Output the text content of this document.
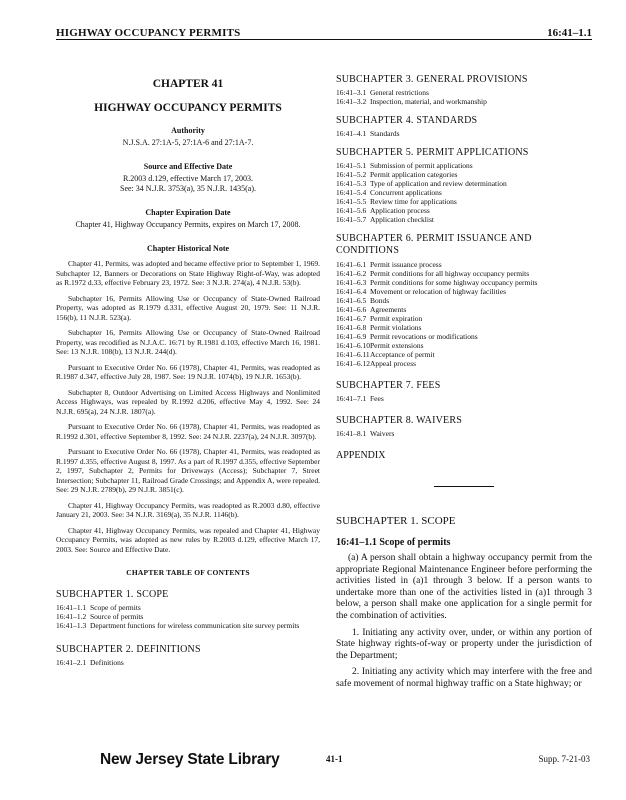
HIGHWAY OCCUPANCY PERMITS	16:41–1.1
CHAPTER 41
HIGHWAY OCCUPANCY PERMITS
Authority
N.J.S.A. 27:1A-5, 27:1A-6 and 27:1A-7.
Source and Effective Date
R.2003 d.129, effective March 17, 2003.
See: 34 N.J.R. 3753(a), 35 N.J.R. 1435(a).
Chapter Expiration Date
Chapter 41, Highway Occupancy Permits, expires on March 17, 2008.
Chapter Historical Note

Chapter 41, Permits, was adopted and became effective prior to September 1, 1969. Subchapter 12, Banners or Decorations on State Highway Right-of-Way, was adopted as R.1972 d.33, effective February 23, 1972. See: 3 N.J.R. 274(a), 4 N.J.R. 53(b).

Subchapter 16, Permits Allowing Use or Occupancy of State-Owned Railroad Property, was adopted as R.1979 d.331, effective August 20, 1979. See: 11 N.J.R. 156(b), 11 N.J.R. 523(a).

Subchapter 16, Permits Allowing Use or Occupancy of State-Owned Railroad Property, was recodified as N.J.A.C. 16:71 by R.1981 d.103, effective March 16, 1981. See: 13 N.J.R. 108(b), 13 N.J.R. 244(d).

Pursuant to Executive Order No. 66 (1978), Chapter 41, Permits, was readopted as R.1987 d.347, effective July 28, 1987. See: 19 N.J.R. 1074(b), 19 N.J.R. 1653(b).

Subchapter 8, Outdoor Advertising on Limited Access Highways and Nonlimited Access Highways, was repealed by R.1992 d.206, effective May 4, 1992. See: 24 N.J.R. 695(a), 24 N.J.R. 1807(a).

Pursuant to Executive Order No. 66 (1978), Chapter 41, Permits, was readopted as R.1992 d.301, effective September 8, 1992. See: 24 N.J.R. 2237(a), 24 N.J.R. 3097(b).

Pursuant to Executive Order No. 66 (1978), Chapter 41, Permits, was readopted as R.1997 d.355, effective August 8, 1997. As a part of R.1997 d.355, effective September 2, 1997, Subchapter 2, Permits for Driveways (Access); Subchapter 7, Street Intersection; Subchapter 11, Railroad Grade Crossings; and Appendix A, were repealed. See: 29 N.J.R. 2789(b), 29 N.J.R. 3851(c).

Chapter 41, Highway Occupancy Permits, was readopted as R.2003 d.80, effective January 21, 2003. See: 34 N.J.R. 3169(a), 35 N.J.R. 1146(b).

Chapter 41, Highway Occupancy Permits, was repealed and Chapter 41, Highway Occupancy Permits, was adopted as new rules by R.2003 d.129, effective March 17, 2003. See: Source and Effective Date.

CHAPTER TABLE OF CONTENTS
SUBCHAPTER 1. SCOPE
16:41–1.1 Scope of permits
16:41–1.2 Source of permits
16:41–1.3 Department functions for wireless communication site survey permits
SUBCHAPTER 2. DEFINITIONS
16:41–2.1 Definitions
SUBCHAPTER 3. GENERAL PROVISIONS
16:41–3.1 General restrictions
16:41–3.2 Inspection, material, and workmanship
SUBCHAPTER 4. STANDARDS
16:41–4.1 Standards
SUBCHAPTER 5. PERMIT APPLICATIONS
16:41–5.1 Submission of permit applications
16:41–5.2 Permit application categories
16:41–5.3 Type of application and review determination
16:41–5.4 Concurrent applications
16:41–5.5 Review time for applications
16:41–5.6 Application process
16:41–5.7 Application checklist
SUBCHAPTER 6. PERMIT ISSUANCE AND CONDITIONS
16:41–6.1 Permit issuance process
16:41–6.2 Permit conditions for all highway occupancy permits
16:41–6.3 Permit conditions for some highway occupancy permits
16:41–6.4 Movement or relocation of highway facilities
16:41–6.5 Bonds
16:41–6.6 Agreements
16:41–6.7 Permit expiration
16:41–6.8 Permit violations
16:41–6.9 Permit revocations or modifications
16:41–6.10 Permit extensions
16:41–6.11 Acceptance of permit
16:41–6.12 Appeal process
SUBCHAPTER 7. FEES
16:41–7.1 Fees
SUBCHAPTER 8. WAIVERS
16:41–8.1 Waivers
APPENDIX
SUBCHAPTER 1. SCOPE
16:41–1.1 Scope of permits

(a) A person shall obtain a highway occupancy permit from the appropriate Regional Maintenance Engineer before performing the activities listed in (a)1 through 3 below. If a person wants to undertake more than one of the activities listed in (a)1 through 3 below, a person shall make one application for a single permit for the combination of activities.

1. Initiating any activity over, under, or within any portion of State highway rights-of-way or property under the jurisdiction of the Department;

2. Initiating any activity which may interfere with the free and safe movement of normal highway traffic on a State highway; or

New Jersey State Library	41-1	Supp. 7-21-03
